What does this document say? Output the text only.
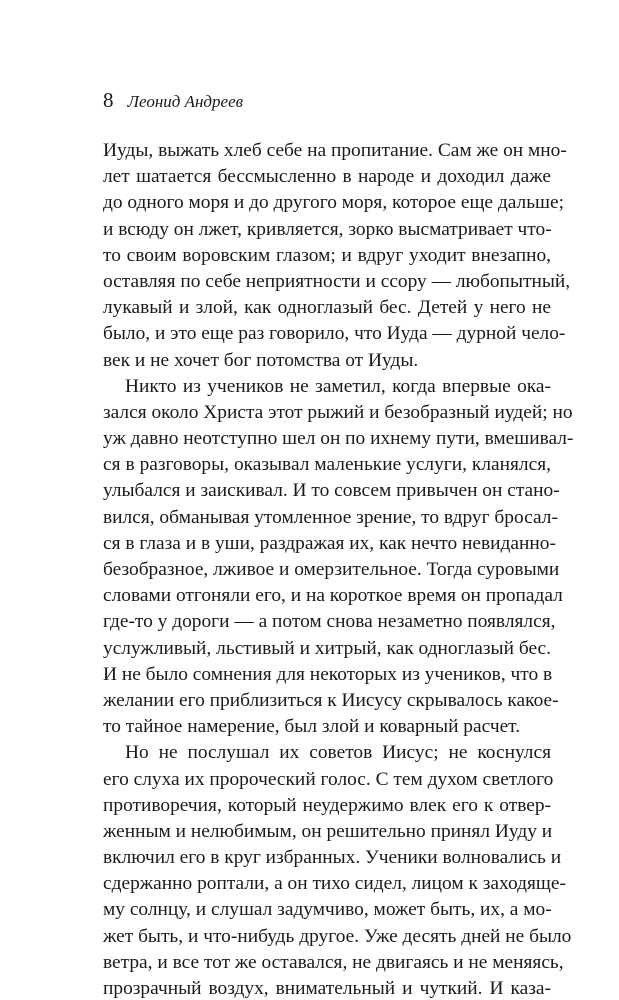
8 Леонид Андреев
Иуды, выжать хлеб себе на пропитание. Сам же он мно-
лет шатается бессмысленно в народе и доходил даже
до одного моря и до другого моря, которое еще дальше;
и всюду он лжет, кривляется, зорко высматривает что-
то своим воровским глазом; и вдруг уходит внезапно,
оставляя по себе неприятности и ссору — любопытный,
лукавый и злой, как одноглазый бес. Детей у него не
было, и это еще раз говорило, что Иуда — дурной чело-
век и не хочет бог потомства от Иуды.
Никто из учеников не заметил, когда впервые ока-
зался около Христа этот рыжий и безобразный иудей; но
уж давно неотступно шел он по ихнему пути, вмешивал-
ся в разговоры, оказывал маленькие услуги, кланялся,
улыбался и заискивал. И то совсем привычен он стано-
вился, обманывая утомленное зрение, то вдруг бросал-
ся в глаза и в уши, раздражая их, как нечто невиданно-
безобразное, лживое и омерзительное. Тогда суровыми
словами отгоняли его, и на короткое время он пропадал
где-то у дороги — а потом снова незаметно появлялся,
услужливый, льстивый и хитрый, как одноглазый бес.
И не было сомнения для некоторых из учеников, что в
желании его приблизиться к Иисусу скрывалось какое-
то тайное намерение, был злой и коварный расчет.
Но не послушал их советов Иисус; не коснулся
его слуха их пророческий голос. С тем духом светлого
противоречия, который неудержимо влек его к отвер-
женным и нелюбимым, он решительно принял Иуду и
включил его в круг избранных. Ученики волновались и
сдержанно роптали, а он тихо сидел, лицом к заходяще-
му солнцу, и слушал задумчиво, может быть, их, а мо-
жет быть, и что-нибудь другое. Уже десять дней не было
ветра, и все тот же оставался, не двигаясь и не меняясь,
прозрачный воздух, внимательный и чуткий. И каза-
